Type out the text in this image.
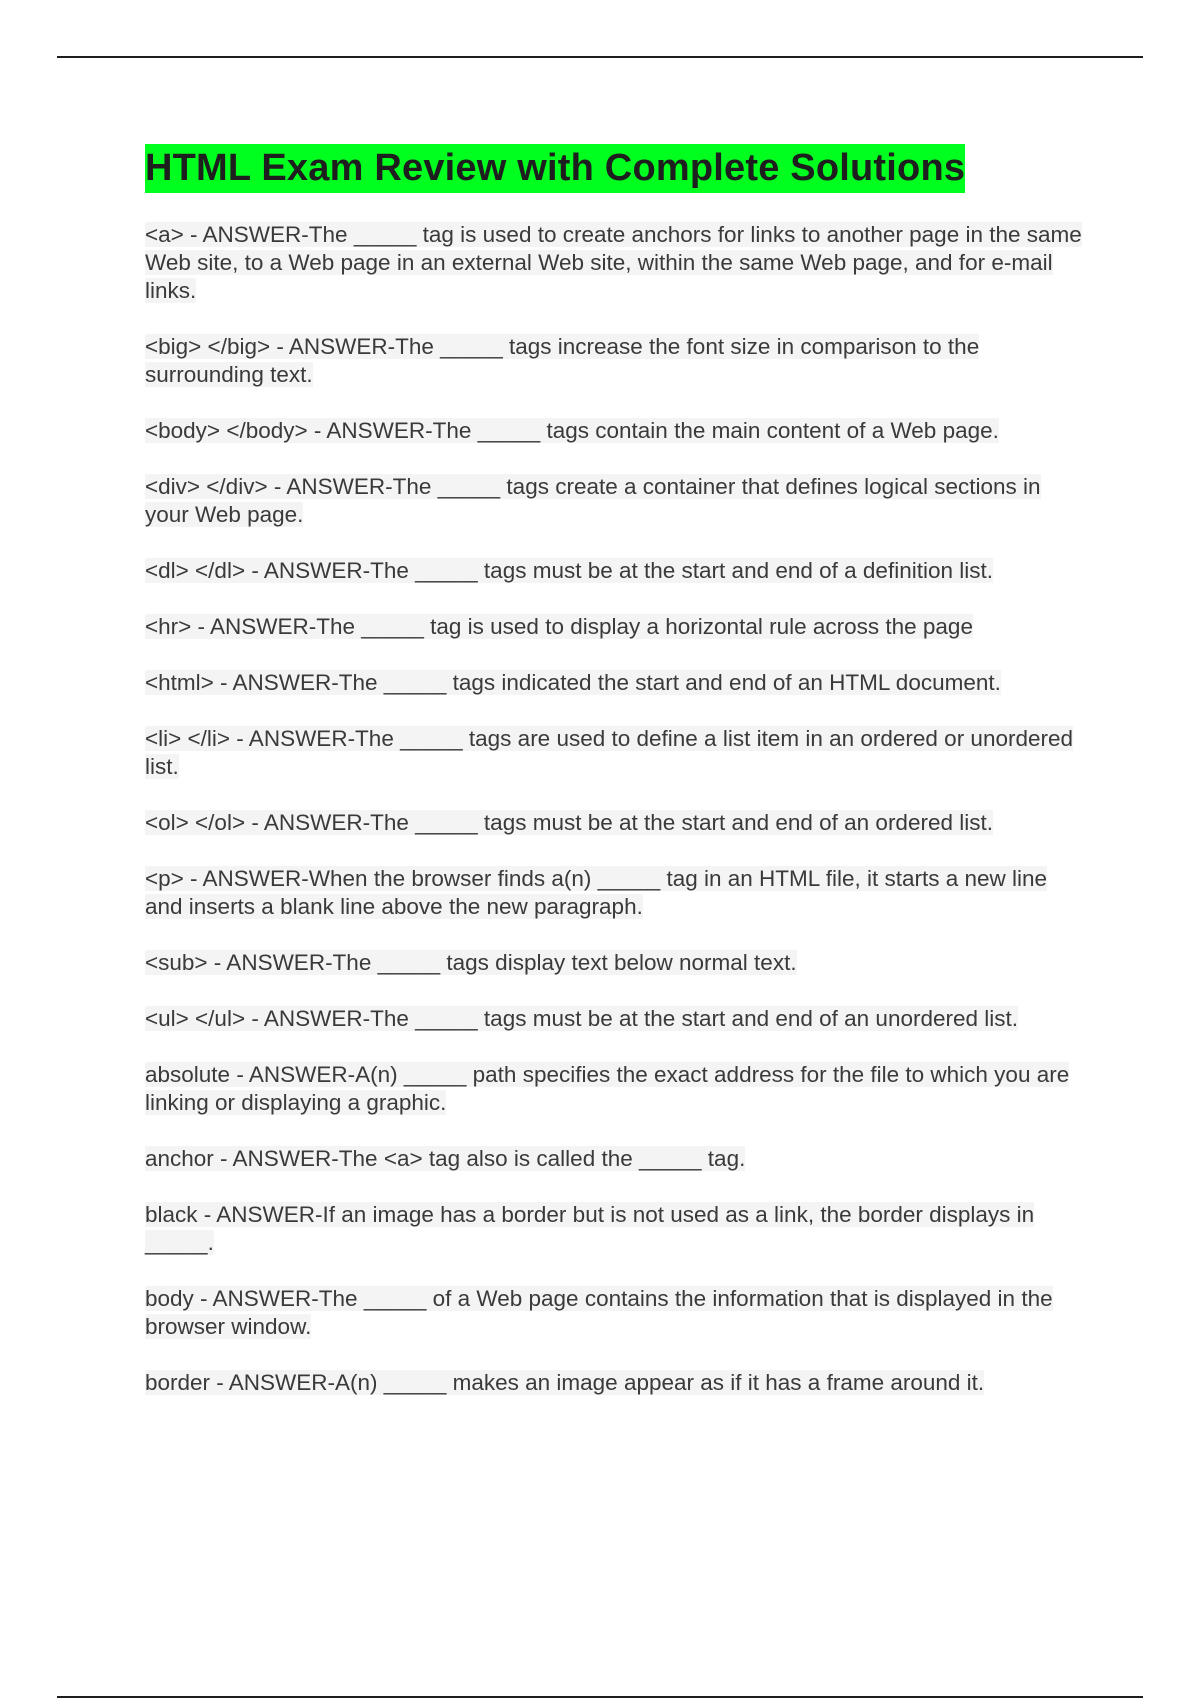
HTML Exam Review with Complete Solutions

<a> - ANSWER-The _____ tag is used to create anchors for links to another page in the same Web site, to a Web page in an external Web site, within the same Web page, and for e-mail links.

<big> </big> - ANSWER-The _____ tags increase the font size in comparison to the surrounding text.

<body> </body> - ANSWER-The _____ tags contain the main content of a Web page.

<div> </div> - ANSWER-The _____ tags create a container that defines logical sections in your Web page.

<dl> </dl> - ANSWER-The _____ tags must be at the start and end of a definition list.

<hr> - ANSWER-The _____ tag is used to display a horizontal rule across the page

<html> - ANSWER-The _____ tags indicated the start and end of an HTML document.

<li> </li> - ANSWER-The _____ tags are used to define a list item in an ordered or unordered list.

<ol> </ol> - ANSWER-The _____ tags must be at the start and end of an ordered list.

<p> - ANSWER-When the browser finds a(n) _____ tag in an HTML file, it starts a new line and inserts a blank line above the new paragraph.

<sub> - ANSWER-The _____ tags display text below normal text.

<ul> </ul> - ANSWER-The _____ tags must be at the start and end of an unordered list.

absolute - ANSWER-A(n) _____ path specifies the exact address for the file to which you are linking or displaying a graphic.

anchor - ANSWER-The <a> tag also is called the _____ tag.

black - ANSWER-If an image has a border but is not used as a link, the border displays in _____.

body - ANSWER-The _____ of a Web page contains the information that is displayed in the browser window.

border - ANSWER-A(n) _____ makes an image appear as if it has a frame around it.
